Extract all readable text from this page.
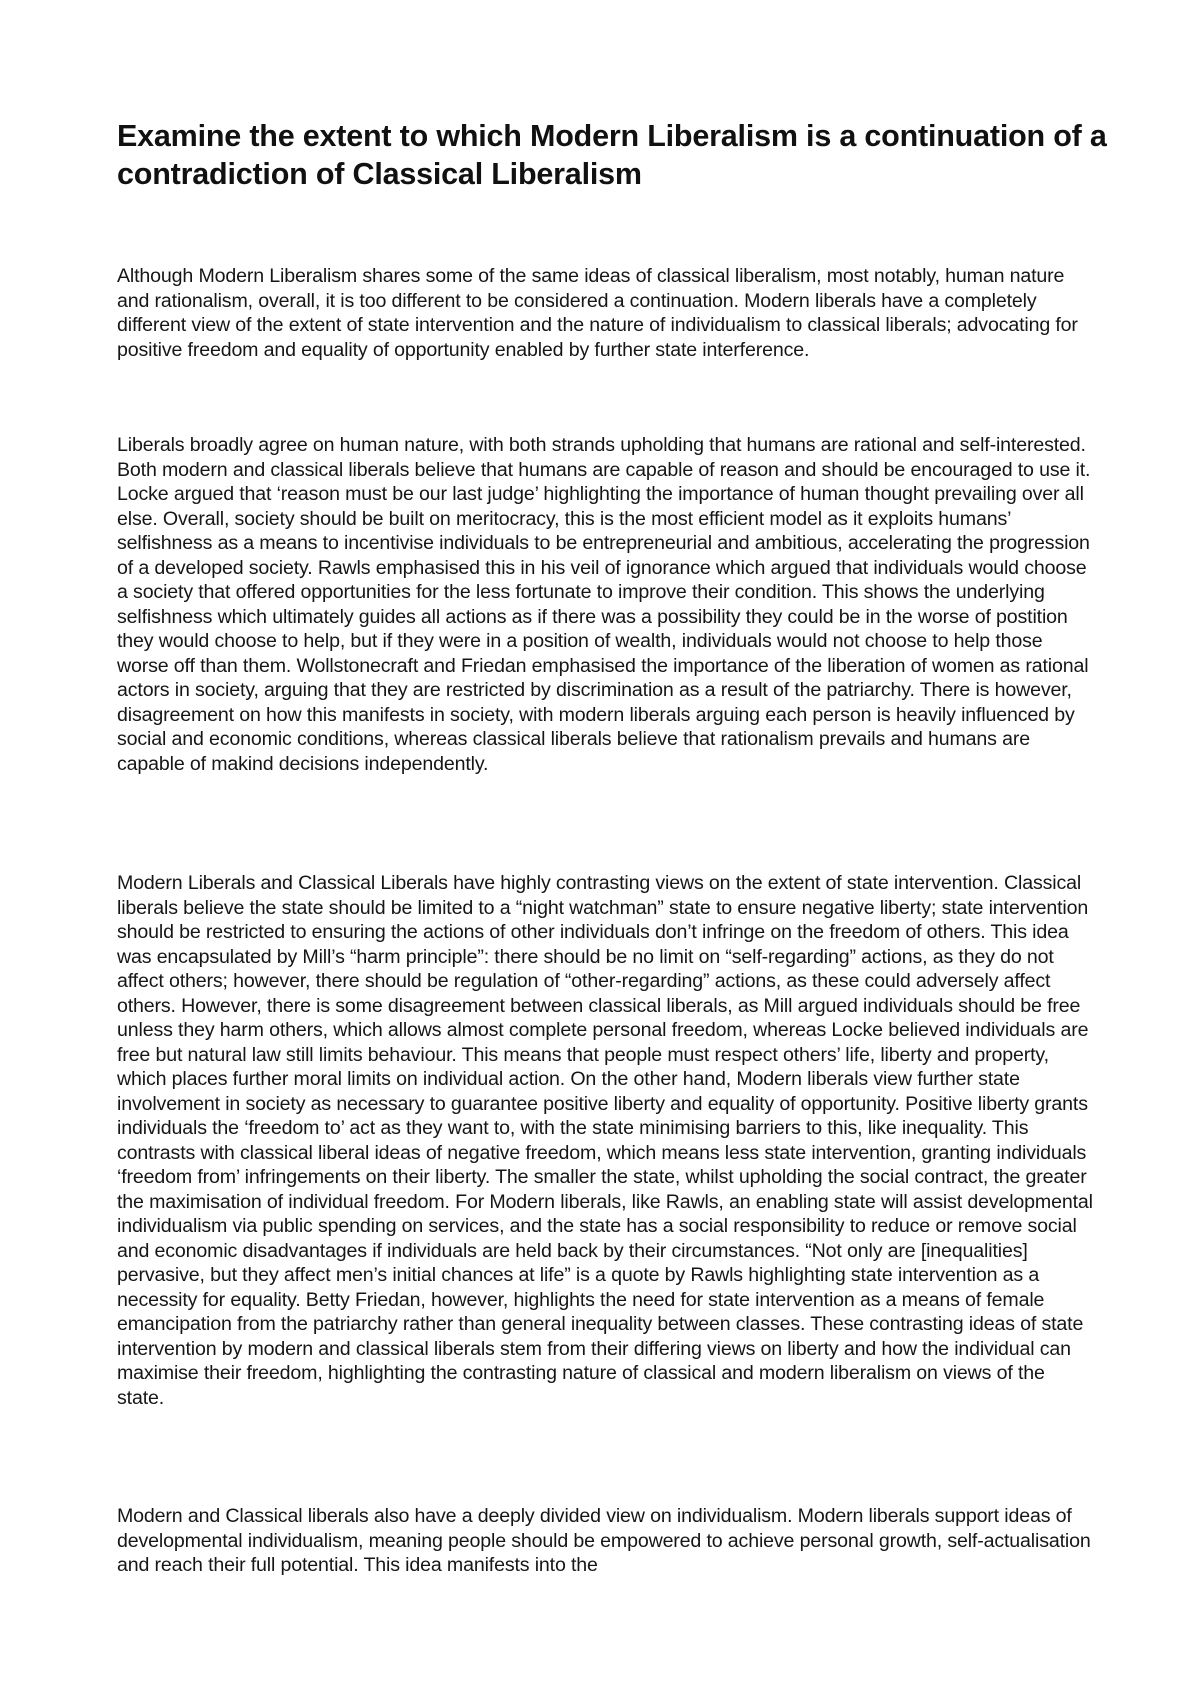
Examine the extent to which Modern Liberalism is a continuation of a contradiction of Classical Liberalism

Although Modern Liberalism shares some of the same ideas of classical liberalism, most notably, human nature and rationalism, overall, it is too different to be considered a continuation. Modern liberals have a completely different view of the extent of state intervention and the nature of individualism to classical liberals; advocating for positive freedom and equality of opportunity enabled by further state interference.

Liberals broadly agree on human nature, with both strands upholding that humans are rational and self-interested. Both modern and classical liberals believe that humans are capable of reason and should be encouraged to use it. Locke argued that ‘reason must be our last judge’ highlighting the importance of human thought prevailing over all else. Overall, society should be built on meritocracy, this is the most efficient model as it exploits humans’ selfishness as a means to incentivise individuals to be entrepreneurial and ambitious, accelerating the progression of a developed society. Rawls emphasised this in his veil of ignorance which argued that individuals would choose a society that offered opportunities for the less fortunate to improve their condition. This shows the underlying selfishness which ultimately guides all actions as if there was a possibility they could be in the worse of postition they would choose to help, but if they were in a position of wealth, individuals would not choose to help those worse off than them. Wollstonecraft and Friedan emphasised the importance of the liberation of women as rational actors in society, arguing that they are restricted by discrimination as a result of the patriarchy. There is however, disagreement on how this manifests in society, with modern liberals arguing each person is heavily influenced by social and economic conditions, whereas classical liberals believe that rationalism prevails and humans are capable of makind decisions independently.

Modern Liberals and Classical Liberals have highly contrasting views on the extent of state intervention. Classical liberals believe the state should be limited to a “night watchman” state to ensure negative liberty; state intervention should be restricted to ensuring the actions of other individuals don’t infringe on the freedom of others. This idea was encapsulated by Mill’s “harm principle”: there should be no limit on “self-regarding” actions, as they do not affect others; however, there should be regulation of “other-regarding” actions, as these could adversely affect others. However, there is some disagreement between classical liberals, as Mill argued individuals should be free unless they harm others, which allows almost complete personal freedom, whereas Locke believed individuals are free but natural law still limits behaviour. This means that people must respect others’ life, liberty and property, which places further moral limits on individual action. On the other hand, Modern liberals view further state involvement in society as necessary to guarantee positive liberty and equality of opportunity. Positive liberty grants individuals the ‘freedom to’ act as they want to, with the state minimising barriers to this, like inequality. This contrasts with classical liberal ideas of negative freedom, which means less state intervention, granting individuals ‘freedom from’ infringements on their liberty. The smaller the state, whilst upholding the social contract, the greater the maximisation of individual freedom. For Modern liberals, like Rawls, an enabling state will assist developmental individualism via public spending on services, and the state has a social responsibility to reduce or remove social and economic disadvantages if individuals are held back by their circumstances. “Not only are [inequalities] pervasive, but they affect men’s initial chances at life” is a quote by Rawls highlighting state intervention as a necessity for equality. Betty Friedan, however, highlights the need for state intervention as a means of female emancipation from the patriarchy rather than general inequality between classes. These contrasting ideas of state intervention by modern and classical liberals stem from their differing views on liberty and how the individual can maximise their freedom, highlighting the contrasting nature of classical and modern liberalism on views of the state.

Modern and Classical liberals also have a deeply divided view on individualism. Modern liberals support ideas of developmental individualism, meaning people should be empowered to achieve personal growth, self-actualisation and reach their full potential. This idea manifests into the
